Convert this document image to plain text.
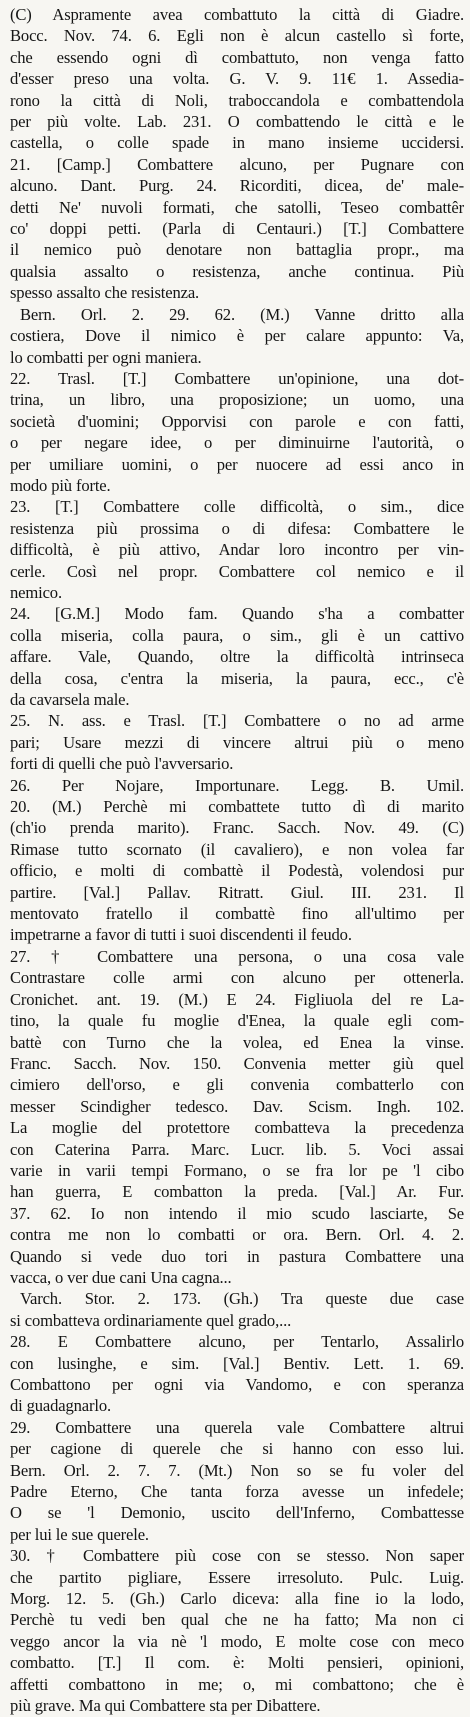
(C) Aspramente avea combattuto la città di Giadre.
Bocc. Nov. 74. 6. Egli non è alcun castello sì forte,
che essendo ogni dì combattuto, non venga fatto
d'esser preso una volta. G. V. 9. 11€ 1. Assedia-
rono la città di Noli, traboccandola e combattendola
per più volte. Lab. 231. O combattendo le città e le
castella, o colle spade in mano insieme uccidersi.
21. [Camp.] Combattere alcuno, per Pugnare con
alcuno. Dant. Purg. 24. Ricorditi, dicea, de' male-
detti Ne' nuvoli formati, che satolli, Teseo combattêr
co' doppi petti. (Parla di Centauri.) [T.] Combattere
il nemico può denotare non battaglia propr., ma
qualsia assalto o resistenza, anche continua. Più
spesso assalto che resistenza.
Bern. Orl. 2. 29. 62. (M.) Vanne dritto alla
costiera, Dove il nimico è per calare appunto: Va,
lo combatti per ogni maniera.
22. Trasl. [T.] Combattere un'opinione, una dot-
trina, un libro, una proposizione; un uomo, una
società d'uomini; Opporvisi con parole e con fatti,
o per negare idee, o per diminuirne l'autorità, o
per umiliare uomini, o per nuocere ad essi anco in
modo più forte.
23. [T.] Combattere colle difficoltà, o sim., dice
resistenza più prossima o di difesa: Combattere le
difficoltà, è più attivo, Andar loro incontro per vin-
cerle. Così nel propr. Combattere col nemico e il
nemico.
24. [G.M.] Modo fam. Quando s'ha a combatter
colla miseria, colla paura, o sim., gli è un cattivo
affare. Vale, Quando, oltre la difficoltà intrinseca
della cosa, c'entra la miseria, la paura, ecc., c'è
da cavarsela male.
25. N. ass. e Trasl. [T.] Combattere o no ad arme
pari; Usare mezzi di vincere altrui più o meno
forti di quelli che può l'avversario.
26. Per Nojare, Importunare. Legg. B. Umil.
20. (M.) Perchè mi combattete tutto dì di marito
(ch'io prenda marito). Franc. Sacch. Nov. 49. (C)
Rimase tutto scornato (il cavaliero), e non volea far
officio, e molti di combattè il Podestà, volendosi pur
partire. [Val.] Pallav. Ritratt. Giul. III. 231. Il
mentovato fratello il combattè fino all'ultimo per
impetrarne a favor di tutti i suoi discendenti il feudo.
27. † Combattere una persona, o una cosa vale
Contrastare colle armi con alcuno per ottenerla.
Cronichet. ant. 19. (M.) E 24. Figliuola del re La-
tino, la quale fu moglie d'Enea, la quale egli com-
battè con Turno che la volea, ed Enea la vinse.
Franc. Sacch. Nov. 150. Convenia metter giù quel
cimiero dell'orso, e gli convenia combatterlo con
messer Scindigher tedesco. Dav. Scism. Ingh. 102.
La moglie del protettore combatteva la precedenza
con Caterina Parra. Marc. Lucr. lib. 5. Voci assai
varie in varii tempi Formano, o se fra lor pe 'l cibo
han guerra, E combatton la preda. [Val.] Ar. Fur.
37. 62. Io non intendo il mio scudo lasciarte, Se
contra me non lo combatti or ora. Bern. Orl. 4. 2.
Quando si vede duo tori in pastura Combattere una
vacca, o ver due cani Una cagna...
Varch. Stor. 2. 173. (Gh.) Tra queste due case
si combatteva ordinariamente quel grado,...
28. E Combattere alcuno, per Tentarlo, Assalirlo
con lusinghe, e sim. [Val.] Bentiv. Lett. 1. 69.
Combattono per ogni via Vandomo, e con speranza
di guadagnarlo.
29. Combattere una querela vale Combattere altrui
per cagione di querele che si hanno con esso lui.
Bern. Orl. 2. 7. 7. (Mt.) Non so se fu voler del
Padre Eterno, Che tanta forza avesse un infedele;
O se 'l Demonio, uscito dell'Inferno, Combattesse
per lui le sue querele.
30. † Combattere più cose con se stesso. Non saper
che partito pigliare, Essere irresoluto. Pulc. Luig.
Morg. 12. 5. (Gh.) Carlo diceva: alla fine io la lodo,
Perchè tu vedi ben qual che ne ha fatto; Ma non ci
veggo ancor la via nè 'l modo, E molte cose con meco
combatto. [T.] Il com. è: Molti pensieri, opinioni,
affetti combattono in me; o, mi combattono; che è
più grave. Ma qui Combattere sta per Dibattere.
